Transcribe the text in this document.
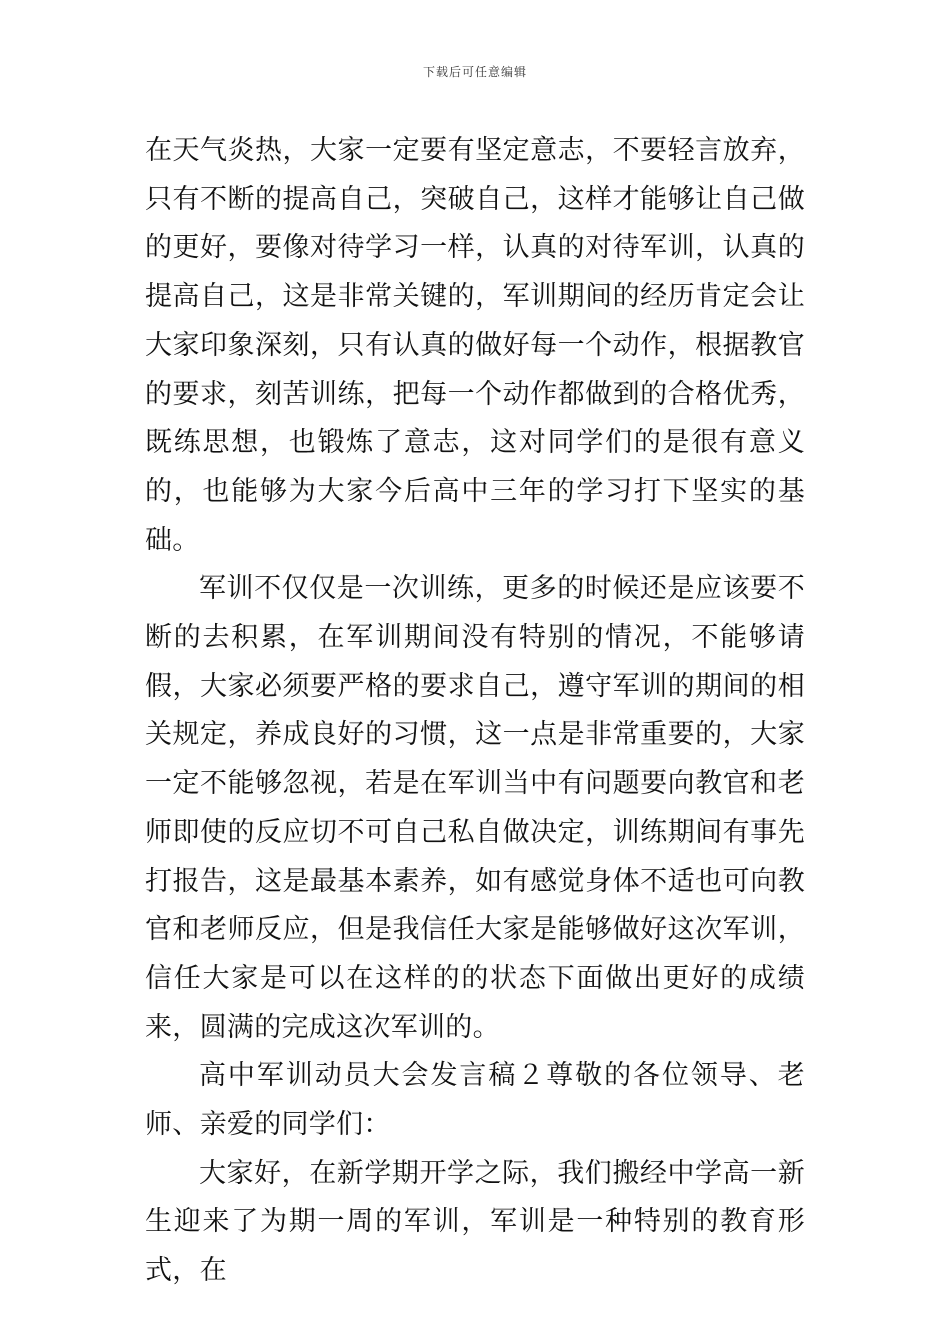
下载后可任意编辑

在天气炎热，大家一定要有坚定意志，不要轻言放弃，只有不断的提高自己，突破自己，这样才能够让自己做的更好，要像对待学习一样，认真的对待军训，认真的提高自己，这是非常关键的，军训期间的经历肯定会让大家印象深刻，只有认真的做好每一个动作，根据教官的要求，刻苦训练，把每一个动作都做到的合格优秀，既练思想，也锻炼了意志，这对同学们的是很有意义的，也能够为大家今后高中三年的学习打下坚实的基础。

军训不仅仅是一次训练，更多的时候还是应该要不断的去积累，在军训期间没有特别的情况，不能够请假，大家必须要严格的要求自己，遵守军训的期间的相关规定，养成良好的习惯，这一点是非常重要的，大家一定不能够忽视，若是在军训当中有问题要向教官和老师即使的反应切不可自己私自做决定，训练期间有事先打报告，这是最基本素养，如有感觉身体不适也可向教官和老师反应，但是我信任大家是能够做好这次军训，信任大家是可以在这样的的状态下面做出更好的成绩来，圆满的完成这次军训的。

高中军训动员大会发言稿２尊敬的各位领导、老师、亲爱的同学们：

大家好，在新学期开学之际，我们搬经中学高一新生迎来了为期一周的军训，军训是一种特别的教育形式，在
